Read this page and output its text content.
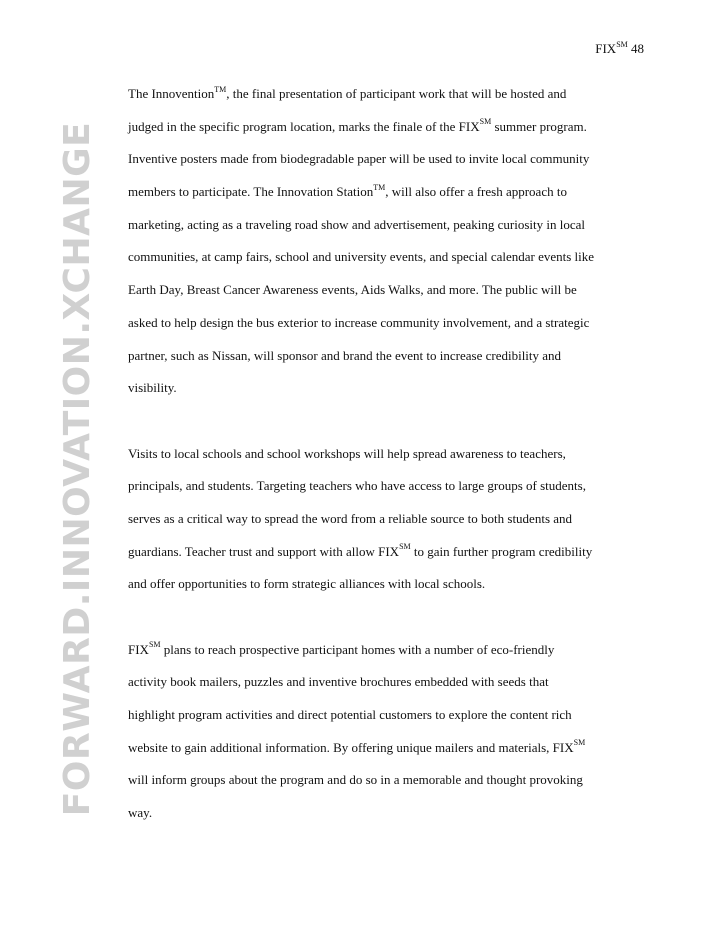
FORWARD.INNOVATION.XCHANGE
FIX℠ 48
The Innovention™, the final presentation of participant work that will be hosted and
judged in the specific program location, marks the finale of the FIX℠ summer program.
Inventive posters made from biodegradable paper will be used to invite local community
members to participate. The Innovation Station™, will also offer a fresh approach to
marketing, acting as a traveling road show and advertisement, peaking curiosity in local
communities, at camp fairs, school and university events, and special calendar events like
Earth Day, Breast Cancer Awareness events, Aids Walks, and more. The public will be
asked to help design the bus exterior to increase community involvement, and a strategic
partner, such as Nissan, will sponsor and brand the event to increase credibility and
visibility.
Visits to local schools and school workshops will help spread awareness to teachers,
principals, and students. Targeting teachers who have access to large groups of students,
serves as a critical way to spread the word from a reliable source to both students and
guardians. Teacher trust and support with allow FIX℠ to gain further program credibility
and offer opportunities to form strategic alliances with local schools.
FIX℠ plans to reach prospective participant homes with a number of eco-friendly
activity book mailers, puzzles and inventive brochures embedded with seeds that
highlight program activities and direct potential customers to explore the content rich
website to gain additional information. By offering unique mailers and materials, FIX℠
will inform groups about the program and do so in a memorable and thought provoking
way.
